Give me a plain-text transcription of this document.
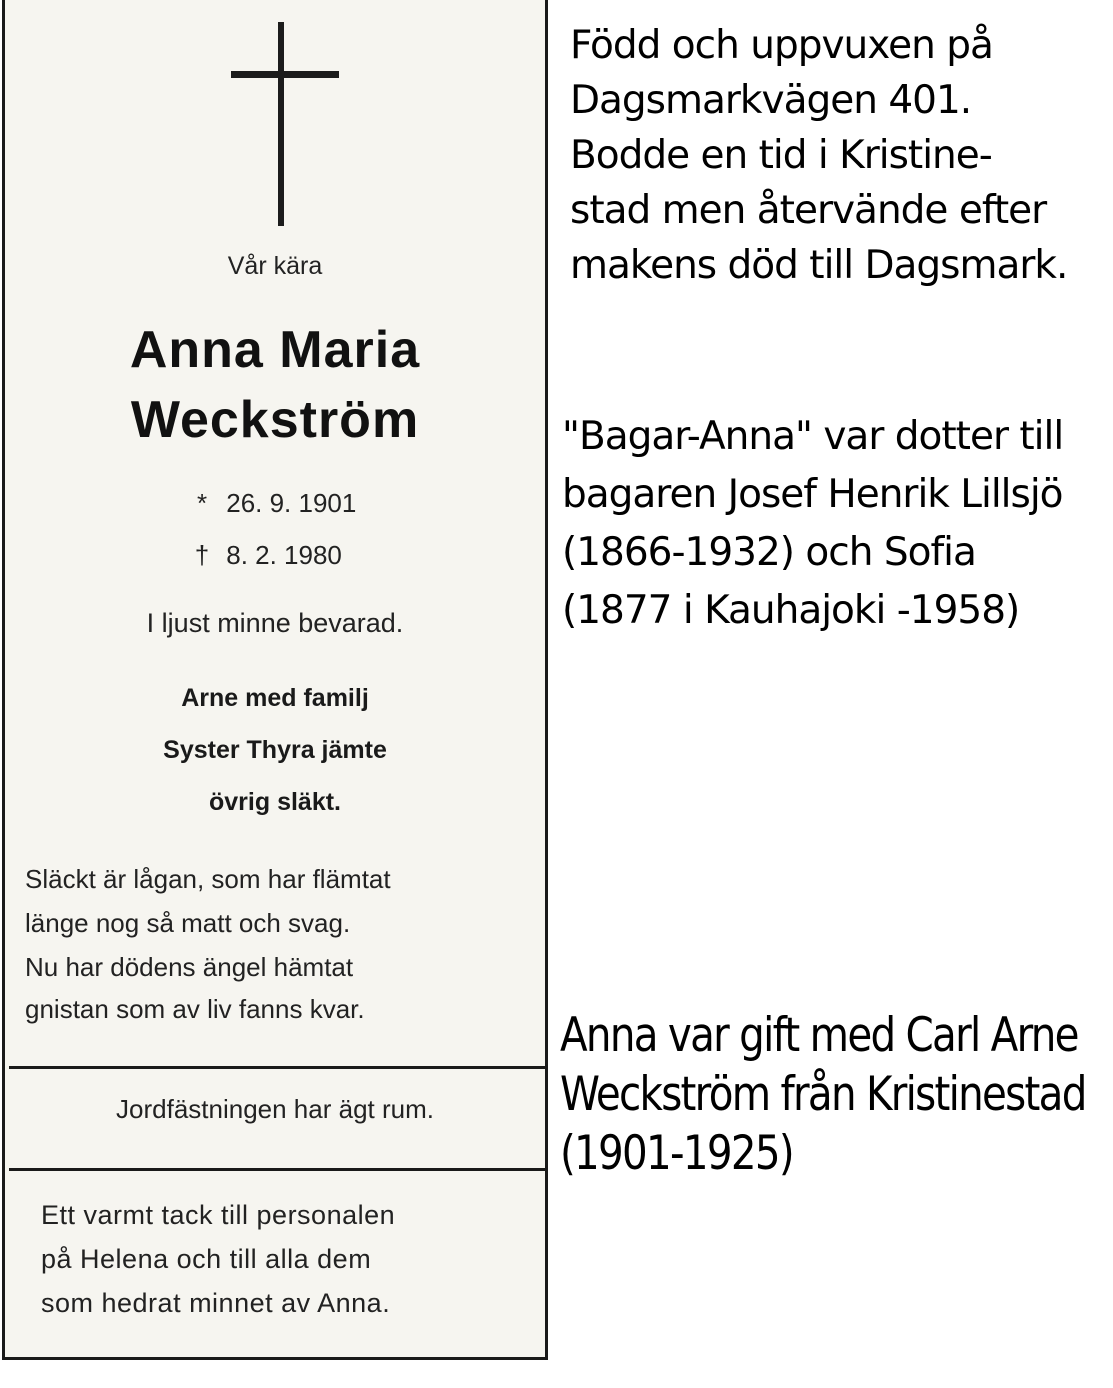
Vår kära
Anna Maria
Weckström
* 26. 9. 1901
† 8. 2. 1980
I ljust minne bevarad.
Arne med familj
Syster Thyra jämte
övrig släkt.
Släckt är lågan, som har flämtat
länge nog så matt och svag.
Nu har dödens ängel hämtat
gnistan som av liv fanns kvar.
Jordfästningen har ägt rum.
Ett varmt tack till personalen
på Helena och till alla dem
som hedrat minnet av Anna.
Född och uppvuxen på
Dagsmarkvägen 401.
Bodde en tid i Kristine-
stad men återvände efter
makens död till Dagsmark.
"Bagar-Anna" var dotter till
bagaren Josef Henrik Lillsjö
(1866-1932) och Sofia
(1877 i Kauhajoki -1958)
Anna var gift med Carl Arne
Weckström från Kristinestad
(1901-1925)
